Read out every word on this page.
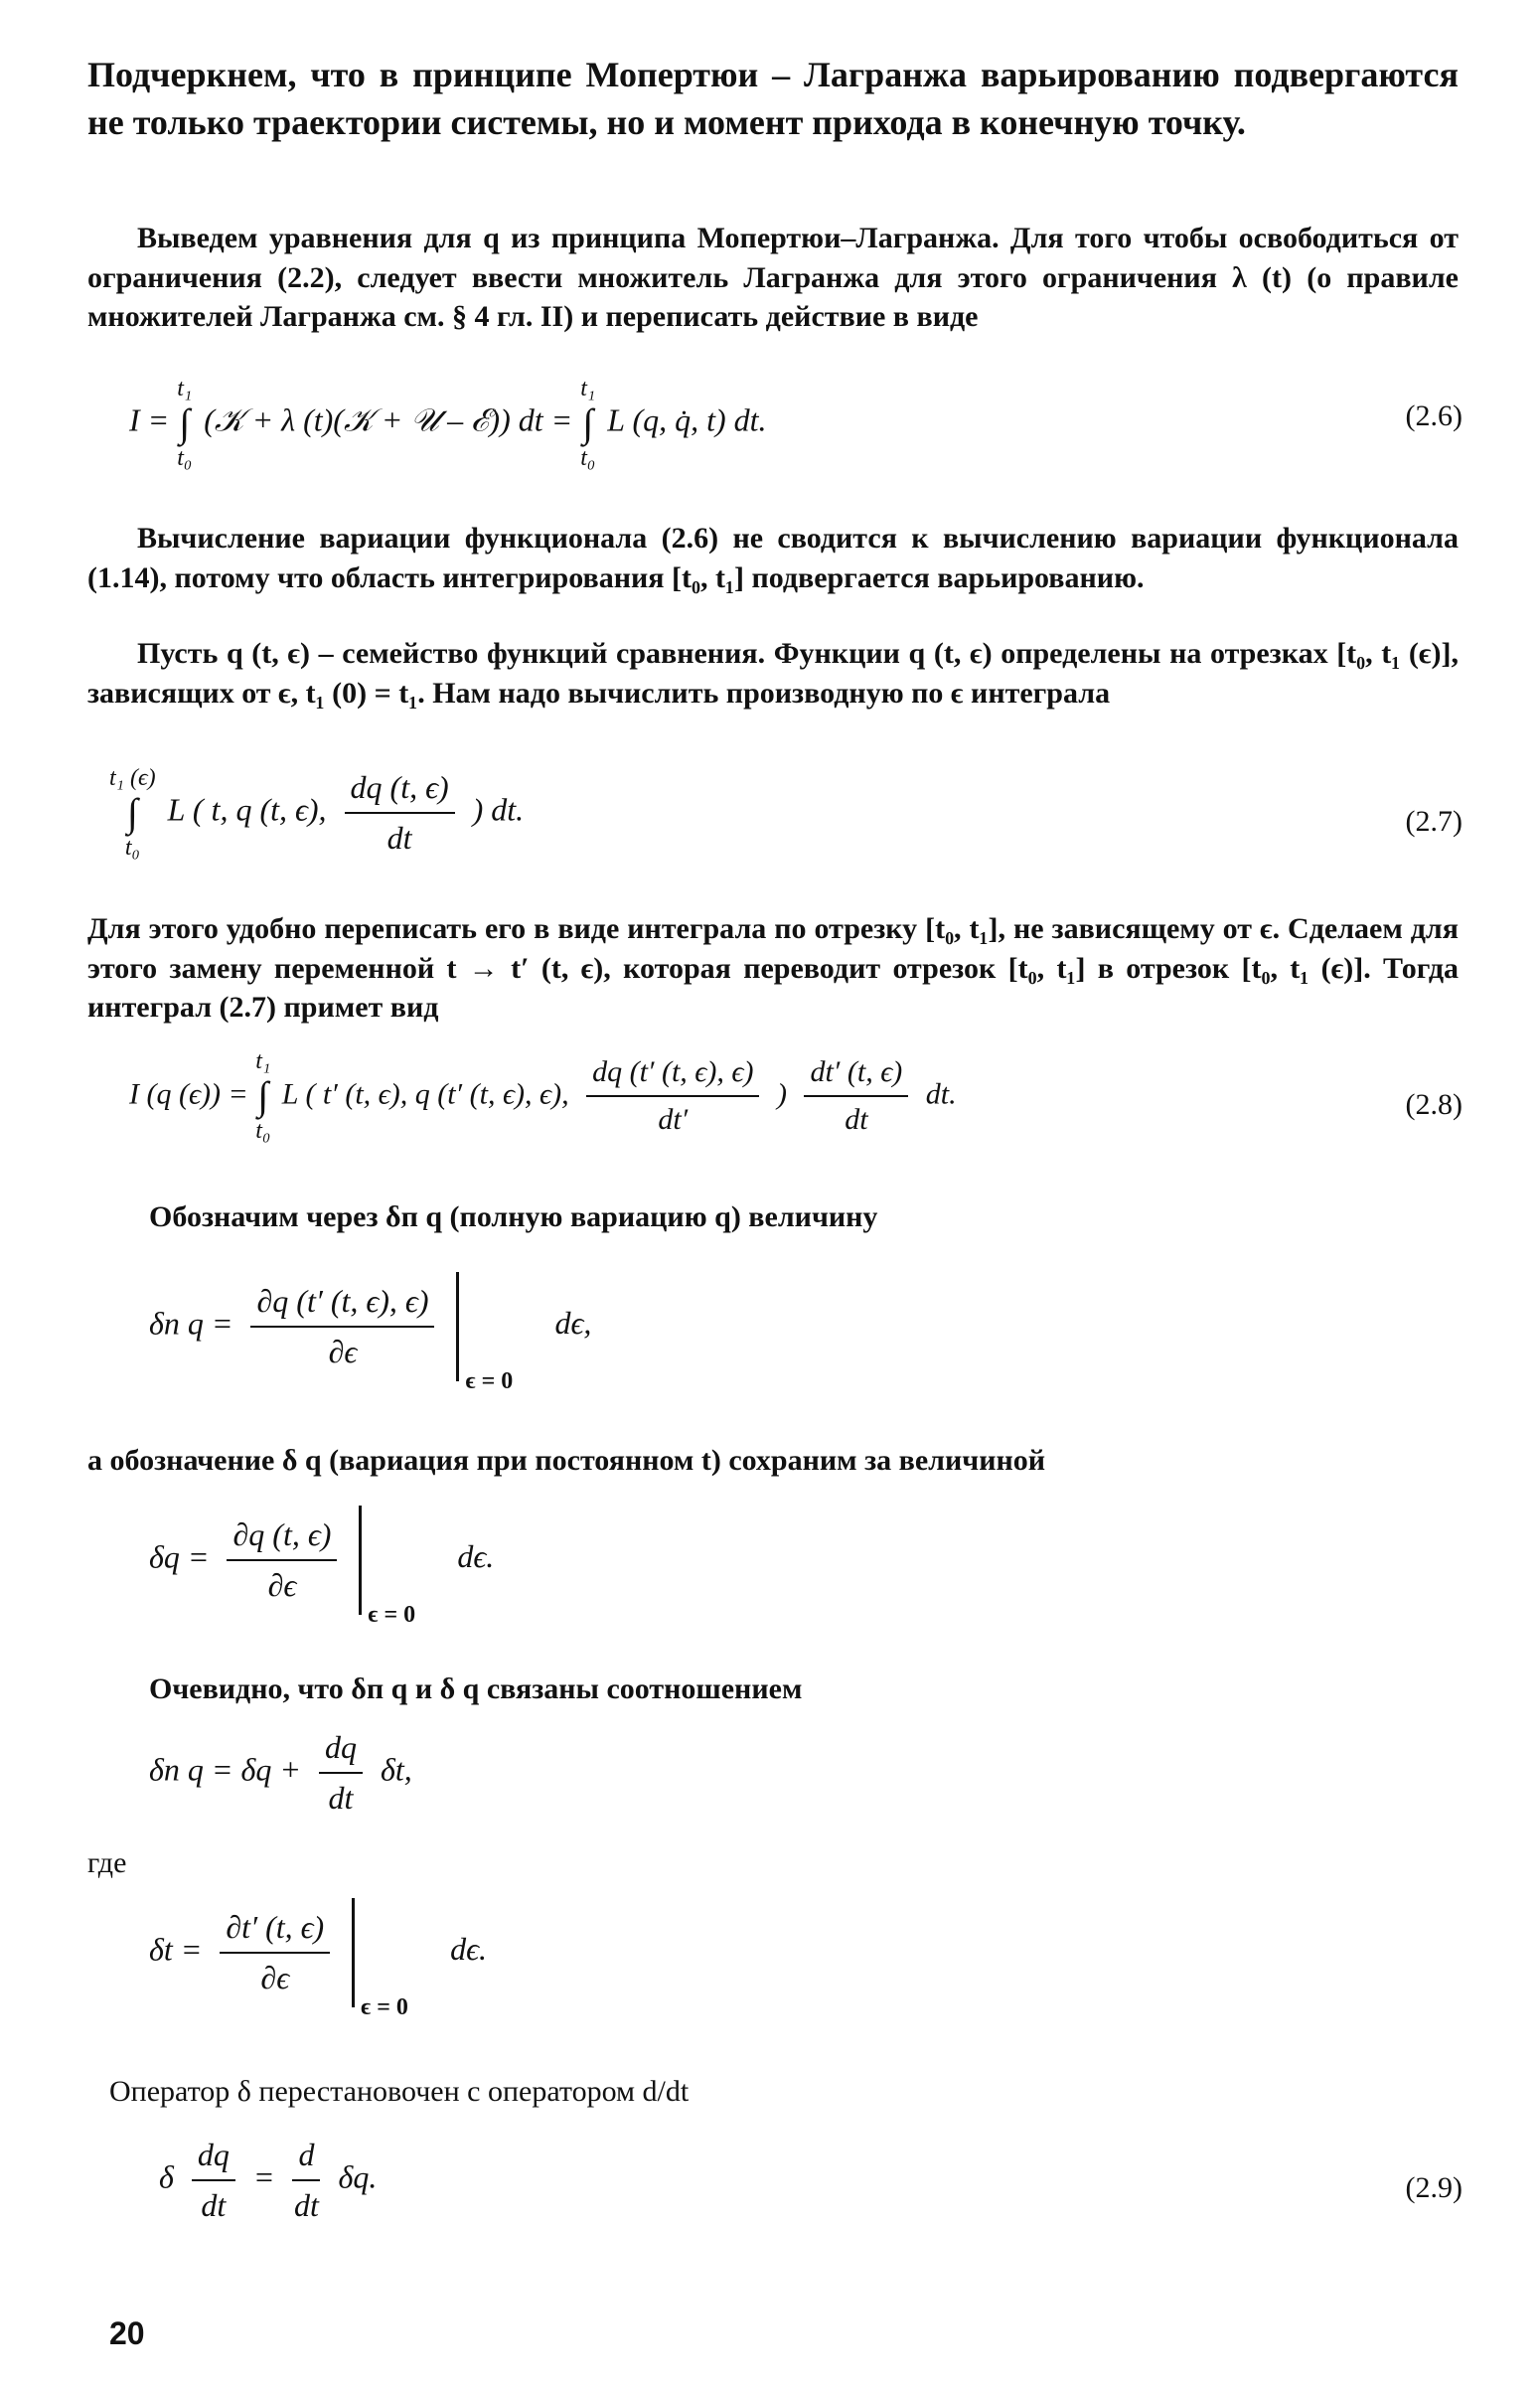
Подчеркнем, что в принципе Мопертюи – Лагранжа варьированию подвергаются не только траектории системы, но и момент прихода в конечную точку.

Выведем уравнения для q из принципа Мопертюи–Лагранжа. Для того чтобы освободиться от ограничения (2.2), следует ввести множитель Лагранжа для этого ограничения λ (t) (о правиле множителей Лагранжа см. § 4 гл. II) и переписать действие в виде

I =
t₁
∫
t₀
(𝒦 + λ (t)(𝒦 + 𝒰 – ℰ)) dt =
t₁
∫
t₀
L (q, q̇, t) dt.	(2.6)

Вычисление вариации функционала (2.6) не сводится к вычислению вариации функционала (1.14), потому что область интегрирования [t₀, t₁] подвергается варьированию.

Пусть q (t, ϵ) – семейство функций сравнения. Функции q (t, ϵ) определены на отрезках [t₀, t₁ (ϵ)], зависящих от ϵ, t₁ (0) = t₁. Нам надо вычислить производную по ϵ интеграла

t₁ (ϵ)
∫
t₀
L ( t, q (t, ϵ), $\frac{dq (t, \epsilon)}{dt}$ ) dt.	(2.7)

Для этого удобно переписать его в виде интеграла по отрезку [t₀, t₁], не зависящему от ϵ. Сделаем для этого замену переменной t → t′ (t, ϵ), которая переводит отрезок [t₀, t₁] в отрезок [t₀, t₁ (ϵ)]. Тогда интеграл (2.7) примет вид

I (q (ϵ)) =
t₁
∫
t₀
L ( t′ (t, ϵ), q (t′ (t, ϵ), ϵ), $\frac{dq (t' (t, \epsilon), \epsilon)}{dt'}$ ) $\frac{dt' (t, \epsilon)}{dt}$ dt.	(2.8)

Обозначим через δп q (полную вариацию q) величину

δп $q = \frac{\partial q (t' (t, \epsilon), \epsilon)}{\partial\epsilon}$

ϵ = 0
dϵ,

а обозначение δ q (вариация при постоянном t) сохраним за величиной

$\delta q = \frac{\partial q (t, \epsilon)}{\partial\epsilon}$

ϵ = 0
dϵ.

Очевидно, что δп q и δ q связаны соотношением

δп $q = \delta q + \frac{dq}{dt} \delta t$,

где

$\delta t = \frac{\partial t' (t, \epsilon)}{\partial\epsilon}$

ϵ = 0
dϵ.

Оператор δ перестановочен с оператором d/dt

δ $\frac{dq}{dt} = \frac{d}{dt} \delta q$.	(2.9)
20
